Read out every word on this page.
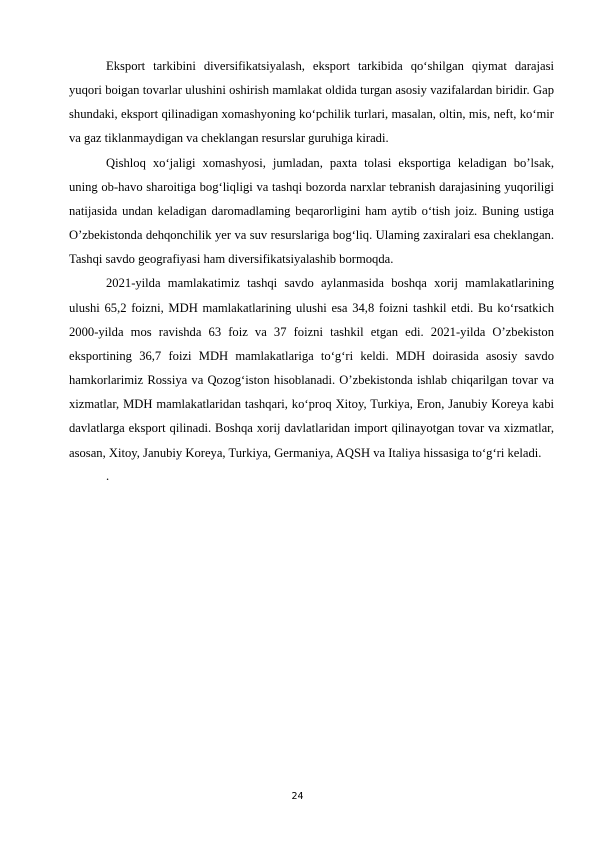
Eksport tarkibini diversifikatsiyalash, eksport tarkibida qo‘shilgan qiymat darajasi yuqori boigan tovarlar ulushini oshirish mamlakat oldida turgan asosiy vazifalardan biridir. Gap shundaki, eksport qilinadigan xomashyoning ko‘pchilik turlari, masalan, oltin, mis, neft, ko‘mir va gaz tiklanmaydigan va cheklangan resurslar guruhiga kiradi.

Qishloq xo‘jaligi xomashyosi, jumladan, paxta tolasi eksportiga keladigan bo’lsak, uning ob-havo sharoitiga bog‘liqligi va tashqi bozorda narxlar tebranish darajasining yuqoriligi natijasida undan keladigan daromadlaming beqarorligini ham aytib o‘tish joiz. Buning ustiga O’zbekistonda dehqonchilik yer va suv resurslariga bog‘liq. Ulaming zaxiralari esa cheklangan. Tashqi savdo geografiyasi ham diversifikatsiyalashib bormoqda.

2021-yilda mamlakatimiz tashqi savdo aylanmasida boshqa xorij mamlakatlarining ulushi 65,2 foizni, MDH mamlakatlarining ulushi esa 34,8 foizni tashkil etdi. Bu ko‘rsatkich 2000-yilda mos ravishda 63 foiz va 37 foizni tashkil etgan edi. 2021-yilda O’zbekiston eksportining 36,7 foizi MDH mamlakatlariga to‘g‘ri keldi. MDH doirasida asosiy savdo hamkorlarimiz Rossiya va Qozog‘iston hisoblanadi. O’zbekistonda ishlab chiqarilgan tovar va xizmatlar, MDH mamlakatlaridan tashqari, ko‘proq Xitoy, Turkiya, Eron, Janubiy Koreya kabi davlatlarga eksport qilinadi. Boshqa xorij davlatlaridan import qilinayotgan tovar va xizmatlar, asosan, Xitoy, Janubiy Koreya, Turkiya, Germaniya, AQSH va Italiya hissasiga to‘g‘ri keladi.

.

24
